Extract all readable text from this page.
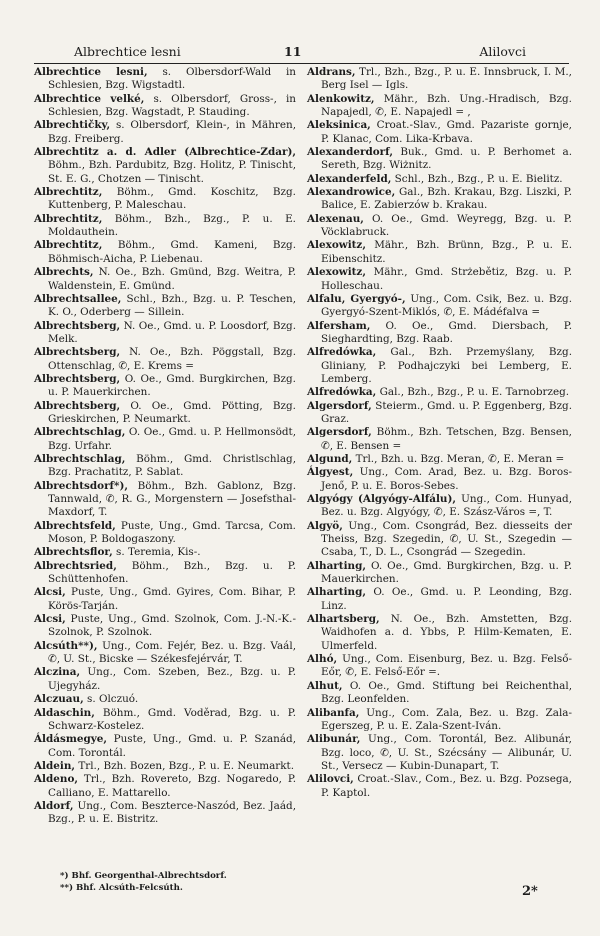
Albrechtice lesni	11	Alilovci
Albrechtice lesni, s. Olbersdorf-Wald in Schlesien, Bzg. Wigstadtl.
Albrechtice velké, s. Olbersdorf, Gross-, in Schlesien, Bzg. Wagstadt, P. Stauding.
Albrechtičky, s. Olbersdorf, Klein-, in Mähren, Bzg. Freiberg.
Albrechtitz a. d. Adler (Albrechtice-Zdar), Böhm., Bzh. Pardubitz, Bzg. Holitz, P. Tinischt, St. E. G., Chotzen — Tinischt.
Albrechtitz, Böhm., Gmd. Koschitz, Bzg. Kuttenberg, P. Maleschau.
Albrechtitz, Böhm., Bzh., Bzg., P. u. E. Moldauthein.
Albrechtitz, Böhm., Gmd. Kameni, Bzg. Böhmisch-Aicha, P. Liebenau.
Albrechts, N. Oe., Bzh. Gmünd, Bzg. Weitra, P. Waldenstein, E. Gmünd.
Albrechtsallee, Schl., Bzh., Bzg. u. P. Teschen, K. O., Oderberg — Sillein.
Albrechtsberg, N. Oe., Gmd. u. P. Loosdorf, Bzg. Melk.
Albrechtsberg, N. Oe., Bzh. Pöggstall, Bzg. Ottenschlag, ✆, E. Krems =
Albrechtsberg, O. Oe., Gmd. Burgkirchen, Bzg. u. P. Mauerkirchen.
Albrechtsberg, O. Oe., Gmd. Pötting, Bzg. Grieskirchen, P. Neumarkt.
Albrechtschlag, O. Oe., Gmd. u. P. Hellmonsödt, Bzg. Urfahr.
Albrechtschlag, Böhm., Gmd. Christlschlag, Bzg. Prachatitz, P. Sablat.
Albrechtsdorf*), Böhm., Bzh. Gablonz, Bzg. Tannwald, ✆, R. G., Morgenstern — Josefsthal-Maxdorf, T.
Albrechtsfeld, Puste, Ung., Gmd. Tarcsa, Com. Moson, P. Boldogaszony.
Albrechtsflor, s. Teremia, Kis-.
Albrechtsried, Böhm., Bzh., Bzg. u. P. Schüttenhofen.
Alcsi, Puste, Ung., Gmd. Gyires, Com. Bihar, P. Körös-Tarján.
Alcsi, Puste, Ung., Gmd. Szolnok, Com. J.-N.-K.-Szolnok, P. Szolnok.
Alcsúth**), Ung., Com. Fejér, Bez. u. Bzg. Vaál, ✆, U. St., Bicske — Székesfejérvár, T.
Alczina, Ung., Com. Szeben, Bez., Bzg. u. P. Ujegyház.
Alczuau, s. Olczuó.
Aldaschin, Böhm., Gmd. Voděrad, Bzg. u. P. Schwarz-Kostelez.
Áldásmegye, Puste, Ung., Gmd. u. P. Szanád, Com. Torontál.
Aldein, Trl., Bzh. Bozen, Bzg., P. u. E. Neumarkt.
Aldeno, Trl., Bzh. Rovereto, Bzg. Nogaredo, P. Calliano, E. Mattarello.
Aldorf, Ung., Com. Beszterce-Naszód, Bez. Jaád, Bzg., P. u. E. Bistritz.
Aldrans, Trl., Bzh., Bzg., P. u. E. Innsbruck, I. M., Berg Isel — Igls.
Alenkowitz, Mähr., Bzh. Ung.-Hradisch, Bzg. Napajedl, ✆, E. Napajedl = ,
Aleksinica, Croat.-Slav., Gmd. Pazariste gornje, P. Klanac, Com. Lika-Krbava.
Alexanderdorf, Buk., Gmd. u. P. Berhomet a. Sereth, Bzg. Wiżnitz.
Alexanderfeld, Schl., Bzh., Bzg., P. u. E. Bielitz.
Alexandrowice, Gal., Bzh. Krakau, Bzg. Liszki, P. Balice, E. Zabierzów b. Krakau.
Alexenau, O. Oe., Gmd. Weyregg, Bzg. u. P. Vöcklabruck.
Alexowitz, Mähr., Bzh. Brünn, Bzg., P. u. E. Eibenschitz.
Alexowitz, Mähr., Gmd. Strżebětiz, Bzg. u. P. Holleschau.
Alfalu, Gyergyó-, Ung., Com. Csik, Bez. u. Bzg. Gyergyó-Szent-Miklós, ✆, E. Mádéfalva =
Alfersham, O. Oe., Gmd. Diersbach, P. Sieghardting, Bzg. Raab.
Alfredówka, Gal., Bzh. Przemyślany, Bzg. Gliniany, P. Podhajczyki bei Lemberg, E. Lemberg.
Alfredówka, Gal., Bzh., Bzg., P. u. E. Tarnobrzeg.
Algersdorf, Steierm., Gmd. u. P. Eggenberg, Bzg. Graz.
Algersdorf, Böhm., Bzh. Tetschen, Bzg. Bensen, ✆, E. Bensen =
Algund, Trl., Bzh. u. Bzg. Meran, ✆, E. Meran =
Álgyest, Ung., Com. Arad, Bez. u. Bzg. Boros-Jenő, P. u. E. Boros-Sebes.
Algyógy (Algyógy-Alfálu), Ung., Com. Hunyad, Bez. u. Bzg. Algyógy, ✆, E. Szász-Város =, T.
Algyö, Ung., Com. Csongrád, Bez. diesseits der Theiss, Bzg. Szegedin, ✆, U. St., Szegedin — Csaba, T., D. L., Csongrád — Szegedin.
Alharting, O. Oe., Gmd. Burgkirchen, Bzg. u. P. Mauerkirchen.
Alharting, O. Oe., Gmd. u. P. Leonding, Bzg. Linz.
Alhartsberg, N. Oe., Bzh. Amstetten, Bzg. Waidhofen a. d. Ybbs, P. Hilm-Kematen, E. Ulmerfeld.
Alhó, Ung., Com. Eisenburg, Bez. u. Bzg. Felső-Eőr, ✆, E. Felső-Eőr =.
Alhut, O. Oe., Gmd. Stiftung bei Reichenthal, Bzg. Leonfelden.
Alibanfa, Ung., Com. Zala, Bez. u. Bzg. Zala-Egerszeg, P. u. E. Zala-Szent-Iván.
Alibunár, Ung., Com. Torontál, Bez. Alibunár, Bzg. loco, ✆, U. St., Szécsány — Alibunár, U. St., Versecz — Kubin-Dunapart, T.
Alilovci, Croat.-Slav., Com., Bez. u. Bzg. Pozsega, P. Kaptol.
*) Bhf. Georgenthal-Albrechtsdorf.
**) Bhf. Alcsúth-Felcsúth.	2*
